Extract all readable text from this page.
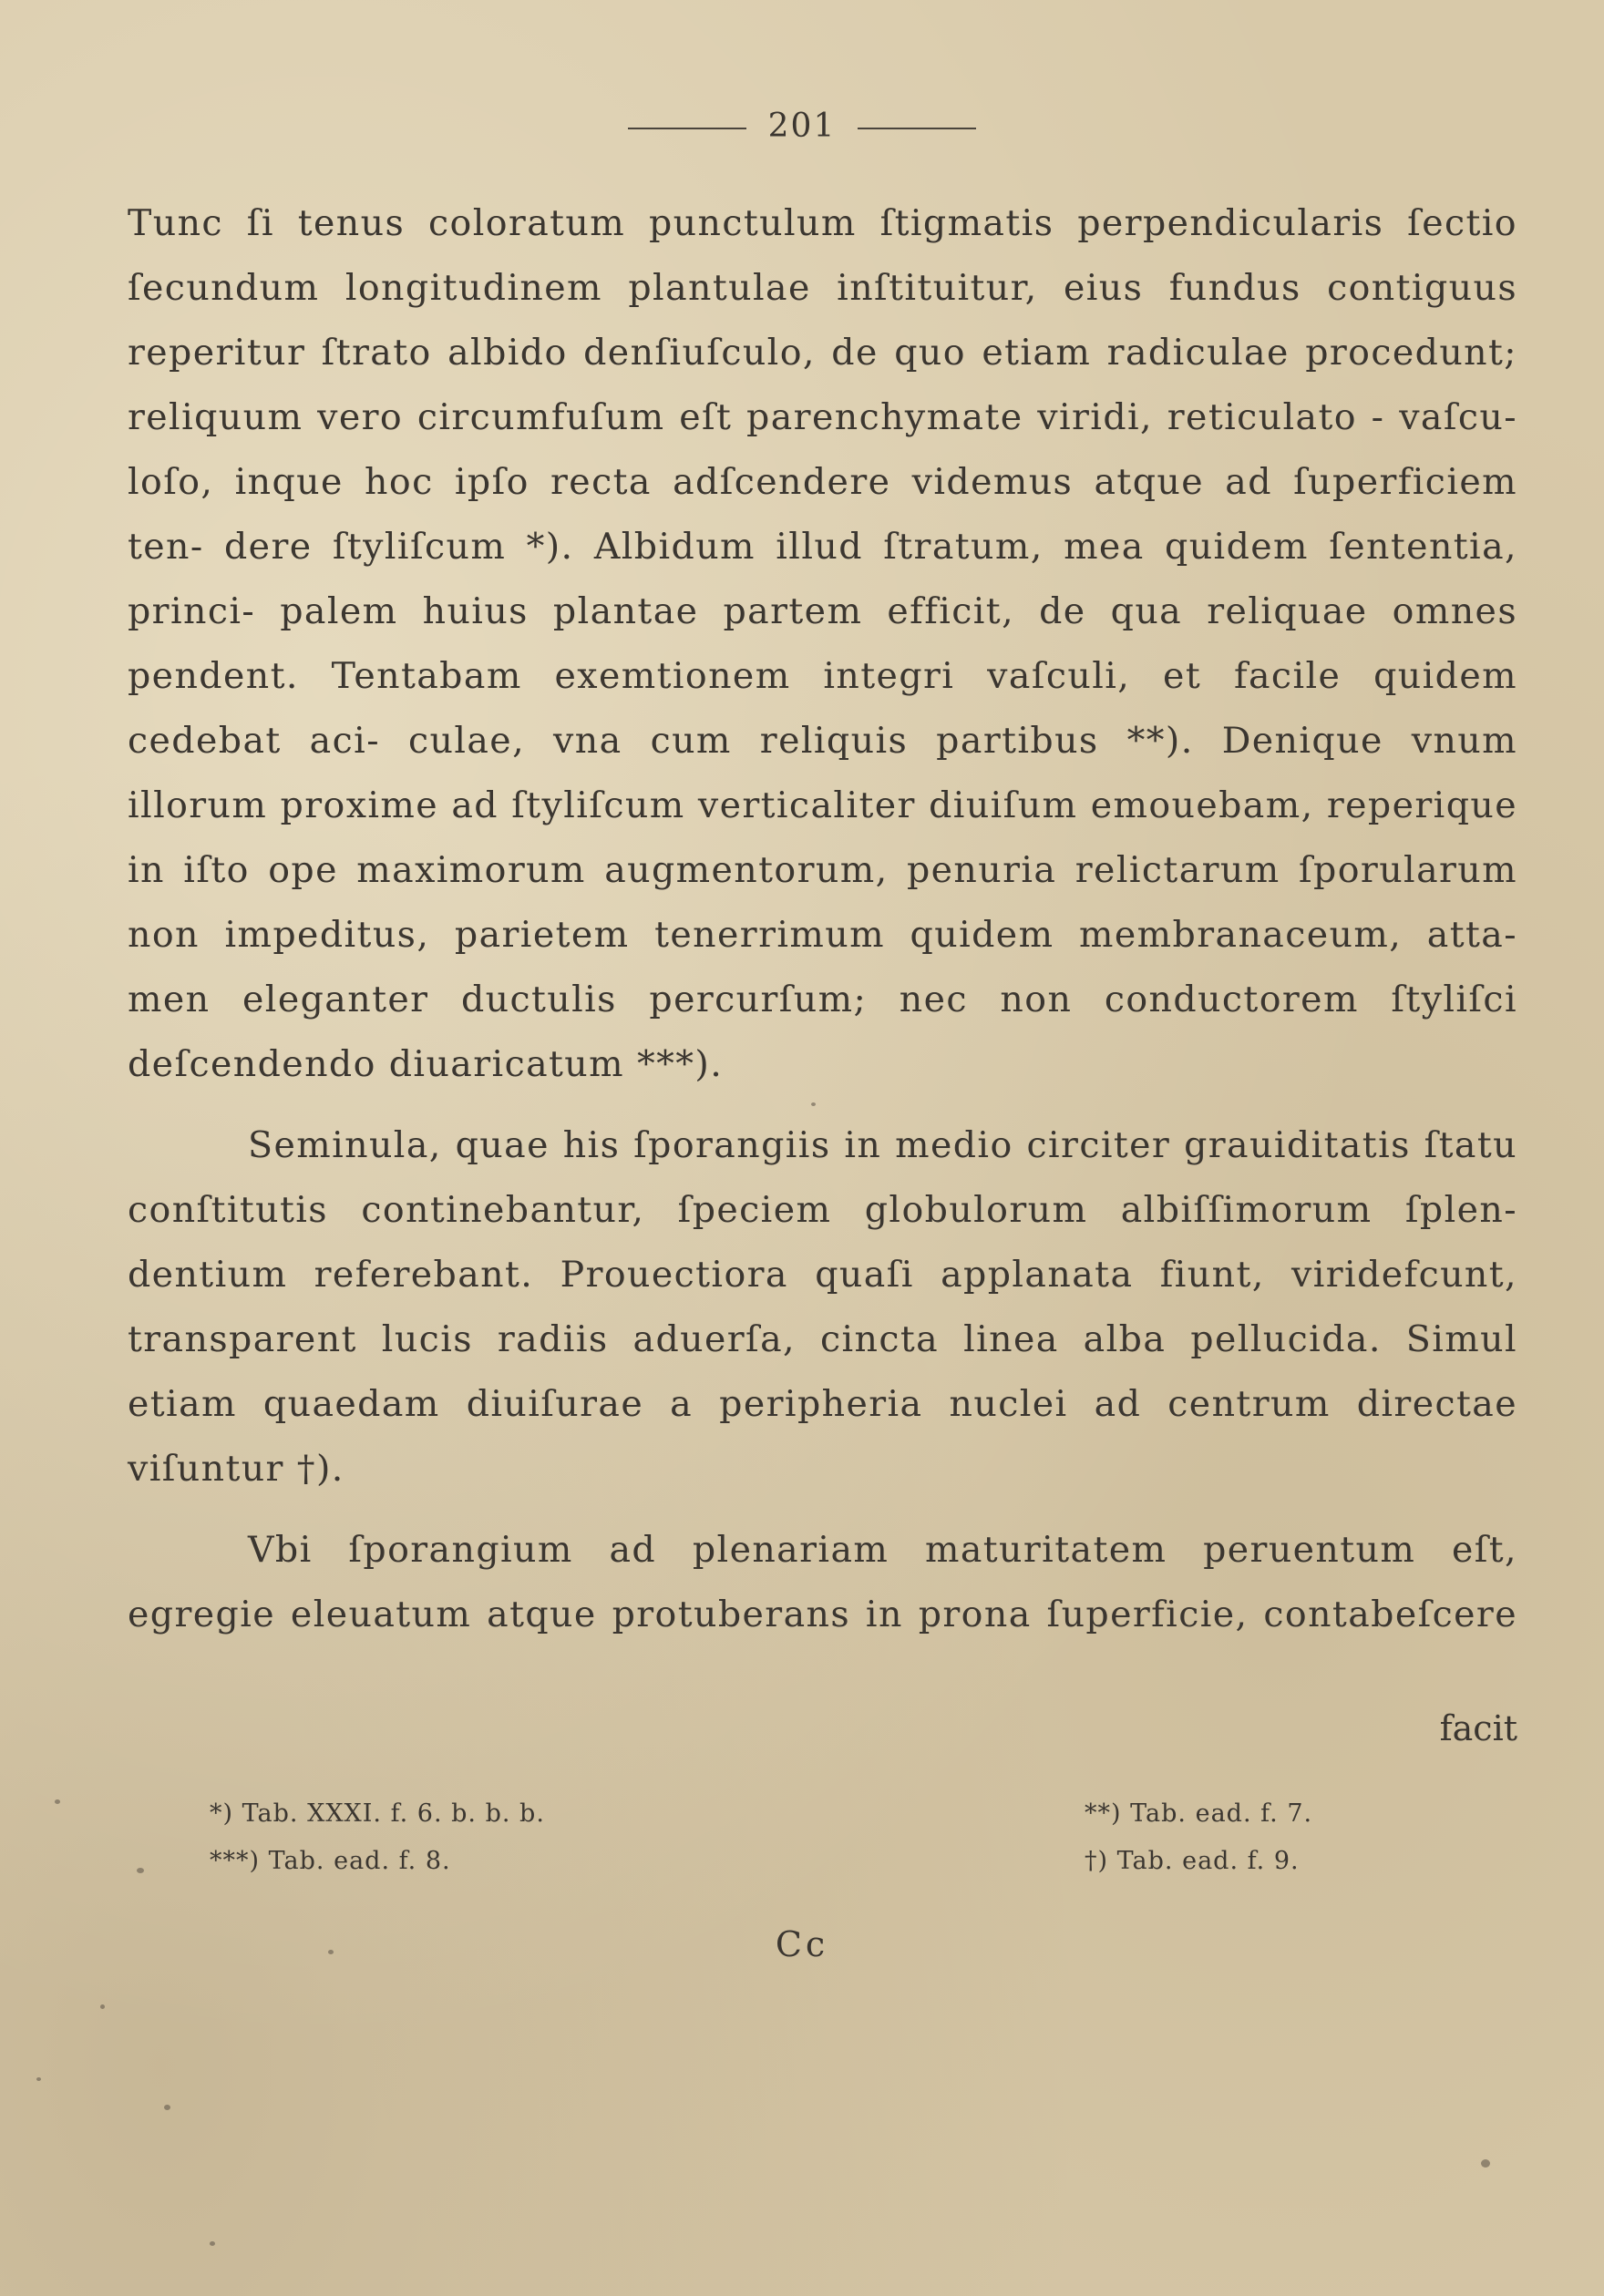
201

Tunc ſi tenus coloratum punctulum ſtigmatis perpendicularis ſectio ſecundum longitudinem plantulae inſtituitur, eius fundus contiguus reperitur ſtrato albido denſiuſculo, de quo etiam radiculae procedunt; reliquum vero circumfuſum eſt parenchymate viridi, reticulato - vaſcu- loſo, inque hoc ipſo recta adſcendere videmus atque ad ſuperficiem ten- dere ſtyliſcum *). Albidum illud ſtratum, mea quidem ſententia, princi- palem huius plantae partem efficit, de qua reliquae omnes pendent. Tentabam exemtionem integri vaſculi, et facile quidem cedebat aci- culae, vna cum reliquis partibus **). Denique vnum illorum proxime ad ſtyliſcum verticaliter diuiſum emouebam, reperique in iſto ope maximorum augmentorum, penuria relictarum ſporularum non impeditus, parietem tenerrimum quidem membranaceum, atta- men eleganter ductulis percurſum; nec non conductorem ſtyliſci deſcendendo diuaricatum ***).

Seminula, quae his ſporangiis in medio circiter grauiditatis ſtatu conſtitutis continebantur, ſpeciem globulorum albiſſimorum ſplen- dentium referebant. Prouectiora quaſi applanata fiunt, viridefcunt, transparent lucis radiis aduerſa, cincta linea alba pellucida. Simul etiam quaedam diuiſurae a peripheria nuclei ad centrum directae viſuntur †).

Vbi ſporangium ad plenariam maturitatem peruentum eſt, egregie eleuatum atque protuberans in prona ſuperficie, contabeſcere

facit
*) Tab. XXXI. f. 6. b. b. b.	**) Tab. ead. f. 7.
***) Tab. ead. f. 8.	†) Tab. ead. f. 9.
Cc
